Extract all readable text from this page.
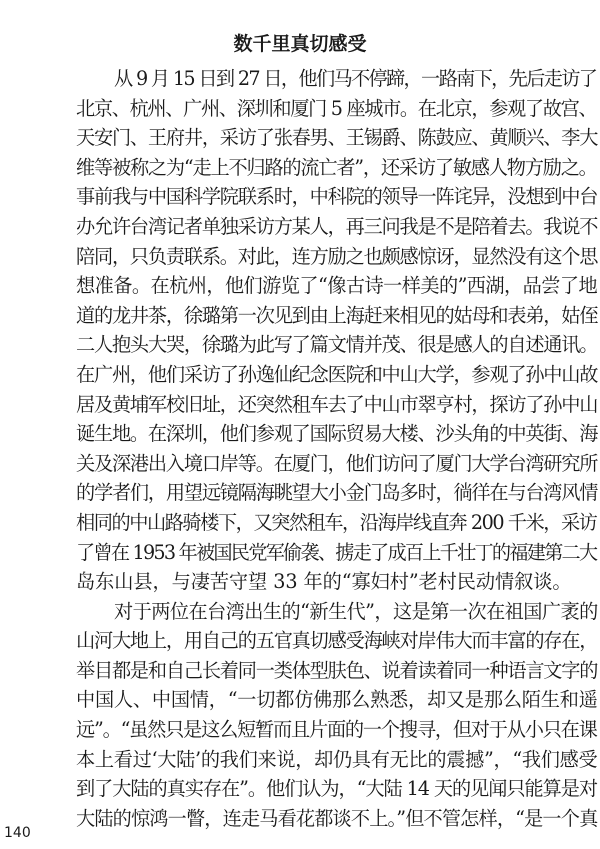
数千里真切感受
从 9 月 15 日到 27 日，他们马不停蹄，一路南下，先后走访了
北京、杭州、广州、深圳和厦门 5 座城市。在北京，参观了故宫、
天安门、王府井，采访了张春男、王锡爵、陈鼓应、黄顺兴、李大
维等被称之为“走上不归路的流亡者”，还采访了敏感人物方励之。
事前我与中国科学院联系时，中科院的领导一阵诧异，没想到中台
办允许台湾记者单独采访方某人，再三问我是不是陪着去。我说不
陪同，只负责联系。对此，连方励之也颇感惊讶，显然没有这个思
想准备。在杭州，他们游览了“像古诗一样美的”西湖，品尝了地
道的龙井茶，徐璐第一次见到由上海赶来相见的姑母和表弟，姑侄
二人抱头大哭，徐璐为此写了篇文情并茂、很是感人的自述通讯。
在广州，他们采访了孙逸仙纪念医院和中山大学，参观了孙中山故
居及黄埔军校旧址，还突然租车去了中山市翠亨村，探访了孙中山
诞生地。在深圳，他们参观了国际贸易大楼、沙头角的中英街、海
关及深港出入境口岸等。在厦门，他们访问了厦门大学台湾研究所
的学者们，用望远镜隔海眺望大小金门岛多时，徜徉在与台湾风情
相同的中山路骑楼下，又突然租车，沿海岸线直奔 200 千米，采访
了曾在 1953 年被国民党军偷袭、掳走了成百上千壮丁的福建第二大
岛东山县，与凄苦守望 33 年的“寡妇村”老村民动情叙谈。
对于两位在台湾出生的“新生代”，这是第一次在祖国广袤的
山河大地上，用自己的五官真切感受海峡对岸伟大而丰富的存在，
举目都是和自己长着同一类体型肤色、说着读着同一种语言文字的
中国人、中国情，“一切都仿佛那么熟悉，却又是那么陌生和遥
远”。“虽然只是这么短暂而且片面的一个搜寻，但对于从小只在课
本上看过‘大陆’的我们来说，却仍具有无比的震撼”，“我们感受
到了大陆的真实存在”。他们认为，“大陆 14 天的见闻只能算是对
大陆的惊鸿一瞥，连走马看花都谈不上。”但不管怎样，“是一个真
140
